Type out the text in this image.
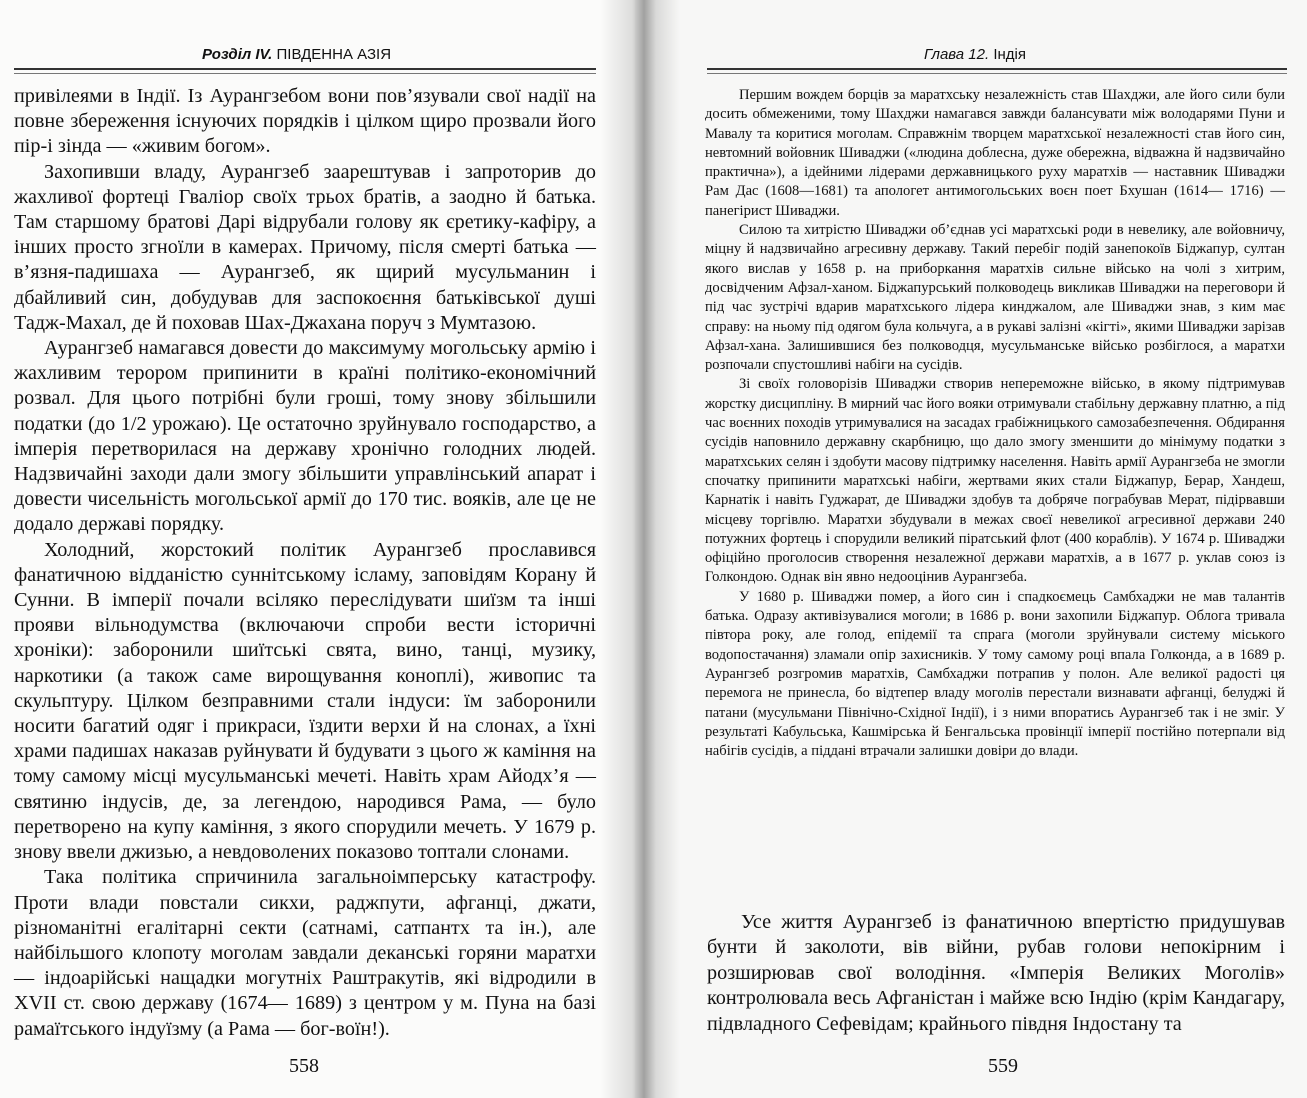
Розділ IV. ПІВДЕННА АЗІЯ

привілеями в Індії. Із Аурангзебом вони пов’язували свої надії на повне збереження існуючих порядків і цілком щиро прозвали його пір-і зінда — «живим богом».

Захопивши владу, Аурангзеб заарештував і запроторив до жахливої фортеці Гваліор своїх трьох братів, а заодно й батька. Там старшому братові Дарі відрубали голову як єретику-кафіру, а інших просто згноїли в камерах. Причому, після смерті батька — в’язня-падишаха — Аурангзеб, як щирий мусульманин і дбайливий син, добудував для заспокоєння батьківської душі Тадж-Махал, де й поховав Шах-Джахана поруч з Мумтазою.

Аурангзеб намагався довести до максимуму могольську армію і жахливим терором припинити в країні політико-економічний розвал. Для цього потрібні були гроші, тому знову збільшили податки (до 1/2 урожаю). Це остаточно зруйнувало господарство, а імперія перетворилася на державу хронічно голодних людей. Надзвичайні заходи дали змогу збільшити управлінський апарат і довести чисельність могольської армії до 170 тис. вояків, але це не додало державі порядку.

Холодний, жорстокий політик Аурангзеб прославився фанатичною відданістю суннітському ісламу, заповідям Корану й Сунни. В імперії почали всіляко переслідувати шиїзм та інші прояви вільнодумства (включаючи спроби вести історичні хроніки): заборонили шиїтські свята, вино, танці, музику, наркотики (а також саме вирощування коноплі), живопис та скульптуру. Цілком безправними стали індуси: їм заборонили носити багатий одяг і прикраси, їздити верхи й на слонах, а їхні храми падишах наказав руйнувати й будувати з цього ж каміння на тому самому місці мусульманські мечеті. Навіть храм Айодх’я — святиню індусів, де, за легендою, народився Рама, — було перетворено на купу каміння, з якого спорудили мечеть. У 1679 р. знову ввели джизью, а невдоволених показово топтали слонами.

Така політика спричинила загальноімперську катастрофу. Проти влади повстали сикхи, раджпути, афганці, джати, різноманітні егалітарні секти (сатнамі, сатпантх та ін.), але найбільшого клопоту моголам завдали деканські горяни маратхи — індоарійські нащадки могутніх Раштракутів, які відродили в XVII ст. свою державу (1674— 1689) з центром у м. Пуна на базі рамаїтського індуїзму (а Рама — бог-воїн!).

558
Глава 12. Індія

Першим вождем борців за маратхську незалежність став Шахджи, але його сили були досить обмеженими, тому Шахджи намагався завжди балансувати між володарями Пуни и Мавалу та коритися моголам. Справжнім творцем маратхської незалежності став його син, невтомний войовник Шиваджи («людина доблесна, дуже обережна, відважна й надзвичайно практична»), а ідейними лідерами державницького руху маратхів — наставник Шиваджи Рам Дас (1608—1681) та апологет антимогольських воєн поет Бхушан (1614— 1716) — панегірист Шиваджи.

Силою та хитрістю Шиваджи об’єднав усі маратхські роди в невелику, але войовничу, міцну й надзвичайно агресивну державу. Такий перебіг подій занепокоїв Біджапур, султан якого вислав у 1658 р. на приборкання маратхів сильне військо на чолі з хитрим, досвідченим Афзал-ханом. Біджапурський полководець викликав Шиваджи на переговори й під час зустрічі вдарив маратхського лідера кинджалом, але Шиваджи знав, з ким має справу: на ньому під одягом була кольчуга, а в рукаві залізні «кігті», якими Шиваджи зарізав Афзал-хана. Залишившися без полководця, мусульманське військо розбіглося, а маратхи розпочали спустошливі набіги на сусідів.

Зі своїх головорізів Шиваджи створив непереможне військо, в якому підтримував жорстку дисципліну. В мирний час його вояки отримували стабільну державну платню, а під час воєнних походів утримувалися на засадах грабіжницького самозабезпечення. Обдирання сусідів наповнило державну скарбницю, що дало змогу зменшити до мінімуму податки з маратхських селян і здобути масову підтримку населення. Навіть армії Аурангзеба не змогли спочатку припинити маратхські набіги, жертвами яких стали Біджапур, Берар, Хандеш, Карнатік і навіть Гуджарат, де Шиваджи здобув та добряче пограбував Мерат, підірвавши місцеву торгівлю. Маратхи збудували в межах своєї невеликої агресивної держави 240 потужних фортець і спорудили великий піратський флот (400 кораблів). У 1674 р. Шиваджи офіційно проголосив створення незалежної держави маратхів, а в 1677 р. уклав союз із Голкондою. Однак він явно недооцінив Аурангзеба.

У 1680 р. Шиваджи помер, а його син і спадкоємець Самбхаджи не мав талантів батька. Одразу активізувалися моголи; в 1686 р. вони захопили Біджапур. Облога тривала півтора року, але голод, епідемії та спрага (моголи зруйнували систему міського водопостачання) зламали опір захисників. У тому самому році впала Голконда, а в 1689 р. Аурангзеб розгромив маратхів, Самбхаджи потрапив у полон. Але великої радості ця перемога не принесла, бо відтепер владу моголів перестали визнавати афганці, белуджі й патани (мусульмани Північно-Східної Індії), і з ними впоратись Аурангзеб так і не зміг. У результаті Кабульська, Кашмірська й Бенгальська провінції імперії постійно потерпали від набігів сусідів, а піддані втрачали залишки довіри до влади.

Усе життя Аурангзеб із фанатичною впертістю придушував бунти й заколоти, вів війни, рубав голови непокірним і розширював свої володіння. «Імперія Великих Моголів» контролювала весь Афганістан і майже всю Індію (крім Кандагару, підвладного Сефевідам; крайнього півдня Індостану та

559
